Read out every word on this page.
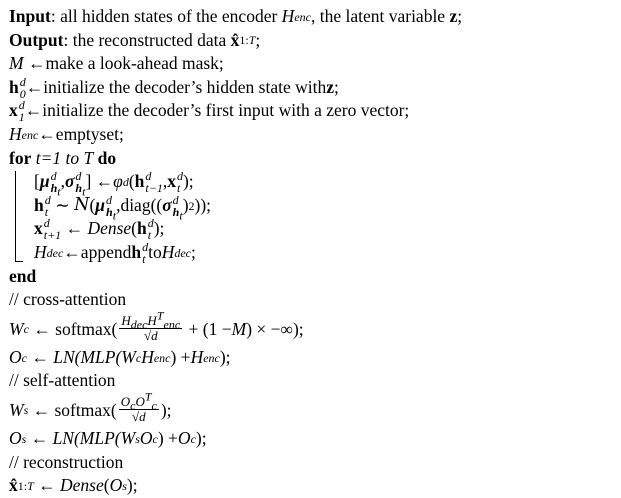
Input : all hidden states of the encoder
H enc , the latent variable z ;
Output : the reconstructed data
x̂ 1:T ;
M
←make a look-ahead mask;
h d
0 ←initialize the decoder’s hidden state with z ;
x d
1 ←initialize the decoder’s first input with a zero vector;
H enc ←emptyset;
for
t=1 to T
do
[ μ d
$h_t$
, σ d
$h_t$
] ← φ d ( h d
t−1 , x d
t );
h d
t ∼ N ( μ d
$h_t$
, diag (( σ d
$h_t$
) 2 ));
x d
t+1 ← Dense ( h d
t );
H dec ←append h d
t to H dec ;
end
// cross-attention
W c ← softmax ( $\frac{H_{dec}H^T_{enc}}{√d} + (1 - M$ ) × −∞);
O c ← LN(MLP( W c H enc ) + H enc );
// self-attention
W s ← softmax ( $\frac{O_cO^T_c}{√d}$ );
O s ← LN(MLP( W s O c ) + O c );
// reconstruction
x̂ 1:T ← Dense ( O s );
